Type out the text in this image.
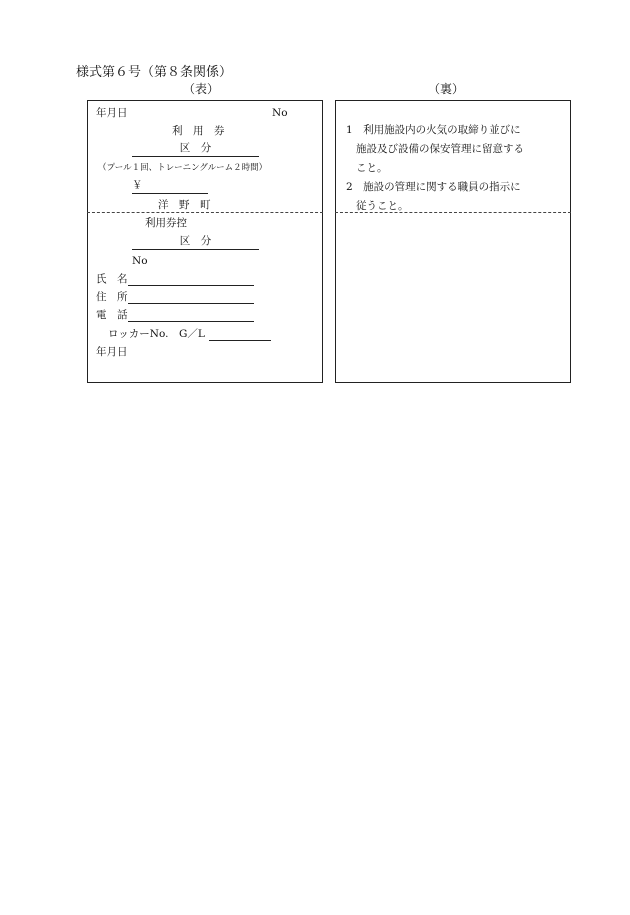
様式第６号（第８条関係）
（表）	（裏）
年月日	No
利　用　券
区　分
（プール１回、トレーニングルーム２時間）
￥
洋　野　町
利用券控
区　分
No
氏　名
住　所
電　話
ロッカーNo.　G／L
年月日
1　利用施設内の火気の取締り並びに
施設及び設備の保安管理に留意する
こと。
2　施設の管理に関する職員の指示に
従うこと。
